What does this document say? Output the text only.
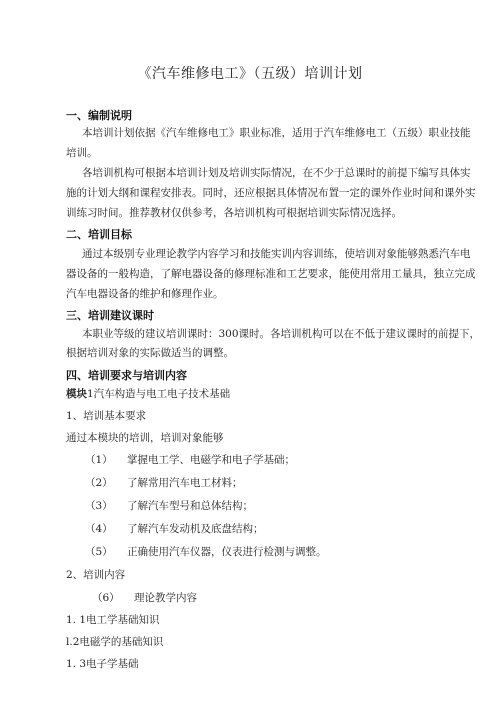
《汽车维修电工》（五级）培训计划
一、编制说明
本培训计划依据《汽车维修电工》职业标准，适用于汽车维修电工（五级）职业技能
培训。
各培训机构可根据本培训计划及培训实际情况，在不少于总课时的前提下编写具体实
施的计划大纲和课程安排表。同时，还应根据具体情况布置一定的课外作业时间和课外实
训练习时间。推荐教材仅供参考，各培训机构可根据培训实际情况选择。
二、培训目标
通过本级别专业理论教学内容学习和技能实训内容训练，使培训对象能够熟悉汽车电
器设备的一般构造，了解电器设备的修理标准和工艺要求，能使用常用工量具，独立完成
汽车电器设备的维护和修理作业。
三、培训建议课时
本职业等级的建议培训课时：300课时。各培训机构可以在不低于建议课时的前提下，
根据培训对象的实际做适当的调整。
四、培训要求与培训内容
模块1汽车构造与电工电子技术基础
1、培训基本要求
通过本模块的培训，培训对象能够
（1） 掌握电工学、电磁学和电子学基础；
（2） 了解常用汽车电工材料；
（3） 了解汽车型号和总体结构；
（4） 了解汽车发动机及底盘结构；
（5） 正确使用汽车仪器，仪表进行检测与调整。
2、培训内容
（6） 理论教学内容
1. 1电工学基础知识
l.2电磁学的基础知识
1. 3电子学基础
